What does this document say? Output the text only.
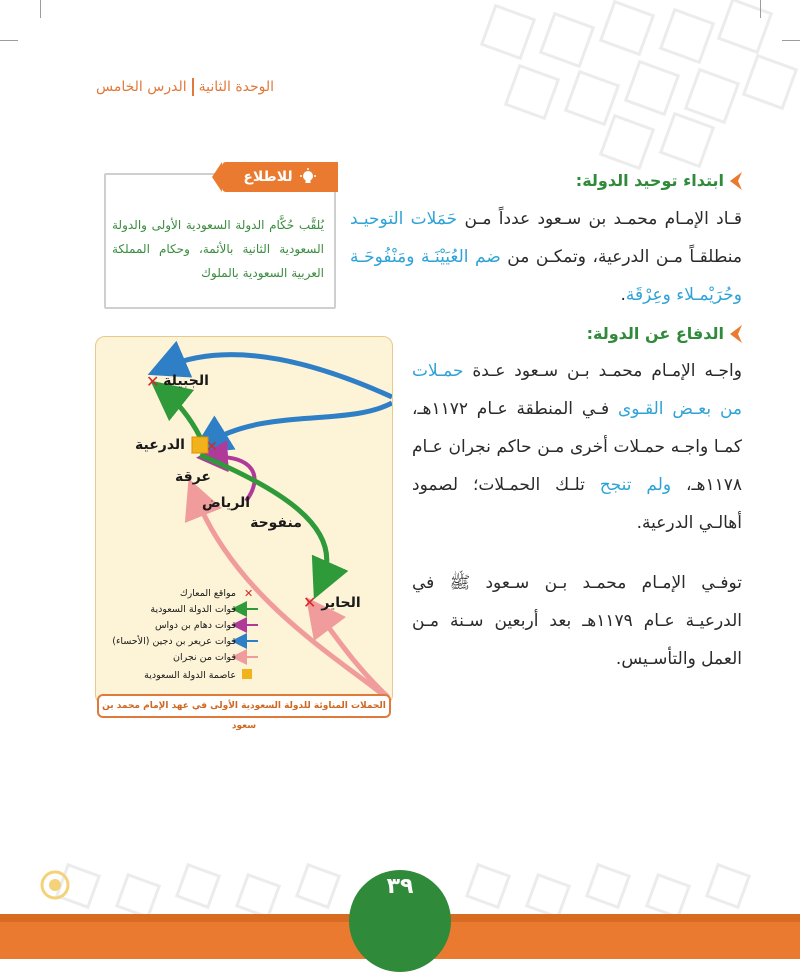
الوحدة الثانيةالدرس الخامس
للاطلاع
يُلقَّب حُكَّام الدولة السعودية الأولى والدولة السعودية الثانية بالأئمة، وحكام المملكة العربية السعودية بالملوك
ابتداء توحيد الدولة:
قـاد الإمـام محمـد بن سـعود عدداً مـن حَمَلات التوحيـد منطلقـاً مـن الدرعية، وتمكـن من ضم العُيَيْنَـة ومَنْفُوحَـة وحُرَيْمـلاء وعِرْقَة.
الدفاع عن الدولة:
واجـه الإمـام محمـد بـن سـعود عـدة حمـلات من بعـض القـوى فـي المنطقة عـام ١١٧٢هـ، كمـا واجـه حمـلات أخرى مـن حاكم نجران عـام ١١٧٨هـ، ولم تنجح تلـك الحمـلات؛ لصمود أهالـي الدرعية.
توفـي الإمـام محمـد بـن سـعود ﷺ في الدرعيـة عـام ١١٧٩هـ بعد أربعين سـنة مـن العمل والتأسـيس.
✕
✕
✕
الجبيلة
الدرعية
عرقة
الرياض
منفوحة
الحاير
✕
مواقع المعارك
قوات الدولة السعودية
قوات دهام بن دواس
قوات عريعر بن دجين (الأحساء)
قوات من نجران
عاصمة الدولة السعودية
الحملات المناوئة للدولة السعودية الأولى في عهد الإمام محمد بن سعود
٣٩
